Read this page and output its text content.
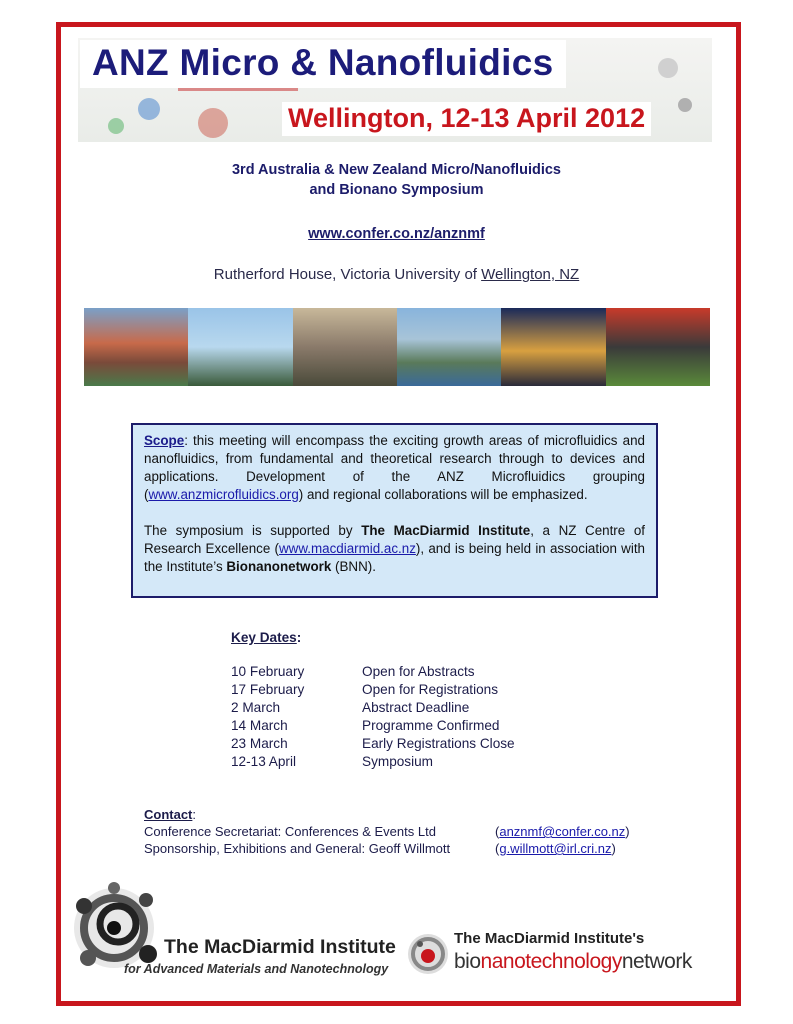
ANZ Micro & Nanofluidics
Wellington, 12-13 April 2012
3rd Australia & New Zealand Micro/Nanofluidics
and Bionano Symposium
www.confer.co.nz/anznmf
Rutherford House, Victoria University of Wellington, NZ

Scope: this meeting will encompass the exciting growth areas of microfluidics and nanofluidics, from fundamental and theoretical research through to devices and applications. Development of the ANZ Microfluidics grouping (www.anzmicrofluidics.org) and regional collaborations will be emphasized.

The symposium is supported by The MacDiarmid Institute, a NZ Centre of Research Excellence (www.macdiarmid.ac.nz), and is being held in association with the Institute’s Bionanonetwork (BNN).

Key Dates:
10 February	Open for Abstracts
17 February	Open for Registrations
2 March	Abstract Deadline
14 March	Programme Confirmed
23 March	Early Registrations Close
12-13 April	Symposium
Contact:
Conference Secretariat: Conferences & Events Ltd	(anznmf@confer.co.nz)
Sponsorship, Exhibitions and General: Geoff Willmott	(g.willmott@irl.cri.nz)
The MacDiarmid Institute
for Advanced Materials and Nanotechnology
The MacDiarmid Institute's
bionanotechnologynetwork
